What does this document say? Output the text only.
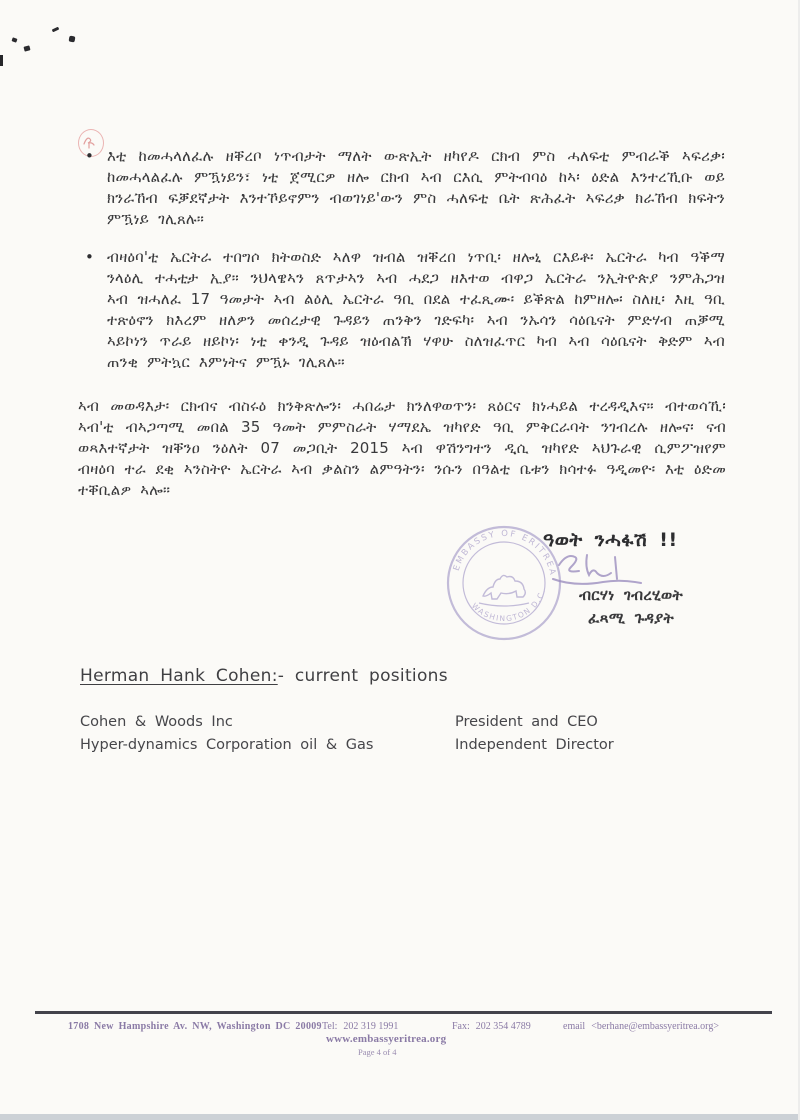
• እቲ ከመሓላለፈሉ ዘቐረቦ ነጥብታት ማለት ውጽኢት ዘካየዶ ርክብ ምስ ሓለፍቲ ምብራቕ ኣፍሪቃ፡ ከመሓላልፈሉ ምዃነይን፣ ነቲ ጀሚርዎ ዘሎ ርክብ ኣብ ርእሲ ምትብባዕ ከኣ፡ ዕድል እንተረኺቡ ወይ ክንራኸብ ፍቓደኛታት እንተኾይኖምን ብወገነይ'ውን ምስ ሓለፍቲ ቤት ጽሕፈት ኣፍሪቃ ክራኸብ ክፍትን ምዃነይ ገሊጸሉ።
• ብዛዕባ'ቲ ኤርትራ ተበግሶ ክትወስድ ኣለዋ ዝብል ዝቐረበ ነጥቢ፡ ዘሎኒ ርእይቶ፡ ኤርትራ ካብ ዓቕማ ንላዕሊ ተሓቲታ ኢያ። ንህላዌኣን ጸጥታኣን ኣብ ሓደጋ ዘእተወ ብዋጋ ኤርትራ ንኢትዮጵያ ንምሕጋዝ ኣብ ዝሓለፈ 17 ዓመታት ኣብ ልዕሊ ኤርትራ ዓቢ በደል ተፈጺሙ፡ ይቕጽል ከምዘሎ፡ ስለዚ፡ እዚ ዓቢ ተጽዕኖን ክእረም ዘለዎን መሰረታዊ ጉዳይን ጠንቅን ገድፍካ፡ ኣብ ንኡሳን ሳዕቤናት ምድሃብ ጠቓሚ ኣይኮነን ጥራይ ዘይኮነ፡ ነቲ ቀንዲ ጉዳይ ዝዕብልኽ ሃዋሁ ስለዝፈጥር ካብ ኣብ ሳዕቤናት ቅድም ኣብ ጠንቂ ምትኳር እምነትና ምዃኑ ገሊጸሉ።
ኣብ መወዳእታ፡ ርክብና ብስሩዕ ክንቅጽሎን፡ ሓበሬታ ክንለዋወጥን፡ ጸዕርና ክነሓይል ተረዳዲእና። ብተወሳኺ፡ ኣብ'ቲ ብኣጋጣሚ መበል 35 ዓመት ምምስራት ሃማደኤ ዝካየድ ዓቢ ምቅርራባት ንገብረሉ ዘሎና፡ ናብ ወጻእተኛታት ዝቐንዐ ንዕለት 07 መጋቢት 2015 ኣብ ዋሽንግተን ዲሲ ዝካየድ ኣህጉራዊ ሲምፖዝየም ብዛዕባ ተራ ደቂ ኣንስትዮ ኤርትራ ኣብ ቃልስን ልምዓትን፡ ንሱን በዓልቲ ቤቱን ክሳተፉ ዓዲመዮ፡ እቲ ዕድመ ተቐቢልዎ ኣሎ።
ዓወት ንሓፋሽ !!
EMBASSY OF ERITREA
WASHINGTON D.C.	ብርሃነ ገብረሂወት
ፈጻሚ ጉዳያት
Herman Hank Cohen:- current positions
Cohen & Woods Inc	President and CEO
Hyper-dynamics Corporation oil & Gas	Independent Director
1708 New Hampshire Av. NW, Washington DC 20009 Tel: 202 319 1991	Fax: 202 354 4789	email <berhane@embassyeritrea.org>
www.embassyeritrea.org
Page 4 of 4
